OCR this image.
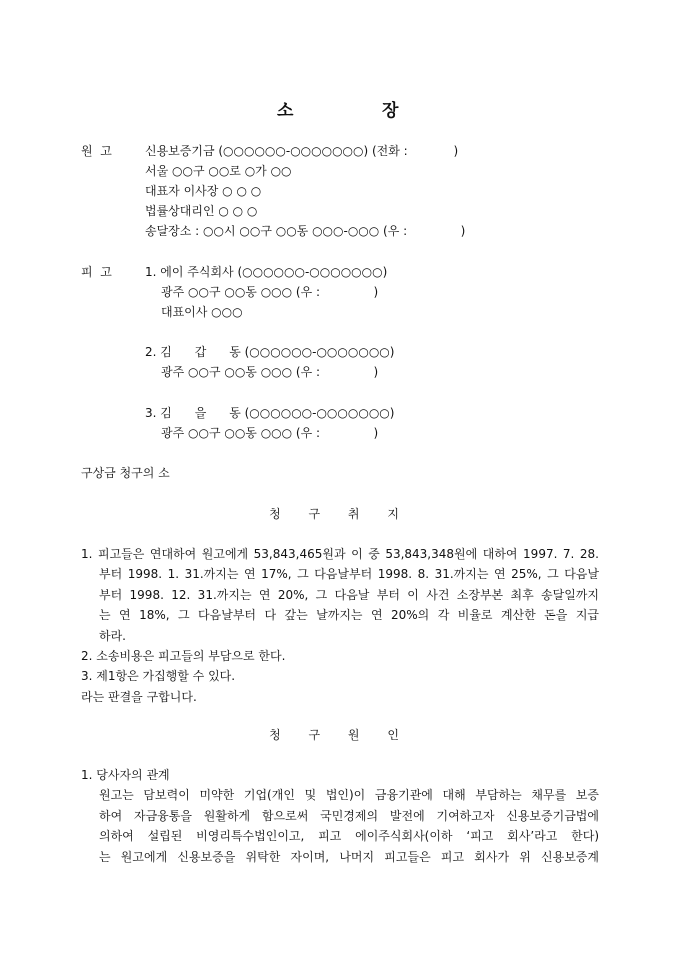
소	장
원  고	신용보증기금 (○○○○○○-○○○○○○○) (전화 :            )
서울 ○○구 ○○로 ○가 ○○
대표자 이사장 ○ ○ ○
법률상대리인 ○ ○ ○
송달장소 : ○○시 ○○구 ○○동 ○○○-○○○ (우 :              )
피  고	1. 에이 주식회사 (○○○○○○-○○○○○○○)
광주 ○○구 ○○동 ○○○ (우 :              )
대표이사 ○○○
2. 김      갑      동 (○○○○○○-○○○○○○○)
광주 ○○구 ○○동 ○○○ (우 :              )
3. 김      을      동 (○○○○○○-○○○○○○○)
광주 ○○구 ○○동 ○○○ (우 :              )
구상금 청구의 소
청 구 취 지
1. 피고들은 연대하여 원고에게 53,843,465원과 이 중 53,843,348원에 대하여 1997. 7. 28.
부터 1998. 1. 31.까지는 연 17%, 그 다음날부터 1998. 8. 31.까지는 연 25%, 그 다음날
부터 1998. 12. 31.까지는 연 20%, 그 다음날 부터 이 사건 소장부본 최후 송달일까지
는 연 18%, 그 다음날부터 다 갚는 날까지는 연 20%의 각 비율로 계산한 돈을 지급
하라.
2. 소송비용은 피고들의 부담으로 한다.
3. 제1항은 가집행할 수 있다.
라는 판결을 구합니다.
청 구 원 인
1. 당사자의 관계
원고는 담보력이 미약한 기업(개인 및 법인)이 금융기관에 대해 부담하는 채무를 보증
하여 자금융통을 원활하게 함으로써 국민경제의 발전에 기여하고자 신용보증기금법에
의하여 설립된 비영리특수법인이고, 피고 에이주식회사(이하 ‘피고 회사’라고 한다)
는 원고에게 신용보증을 위탁한 자이며, 나머지 피고들은 피고 회사가 위 신용보증계
